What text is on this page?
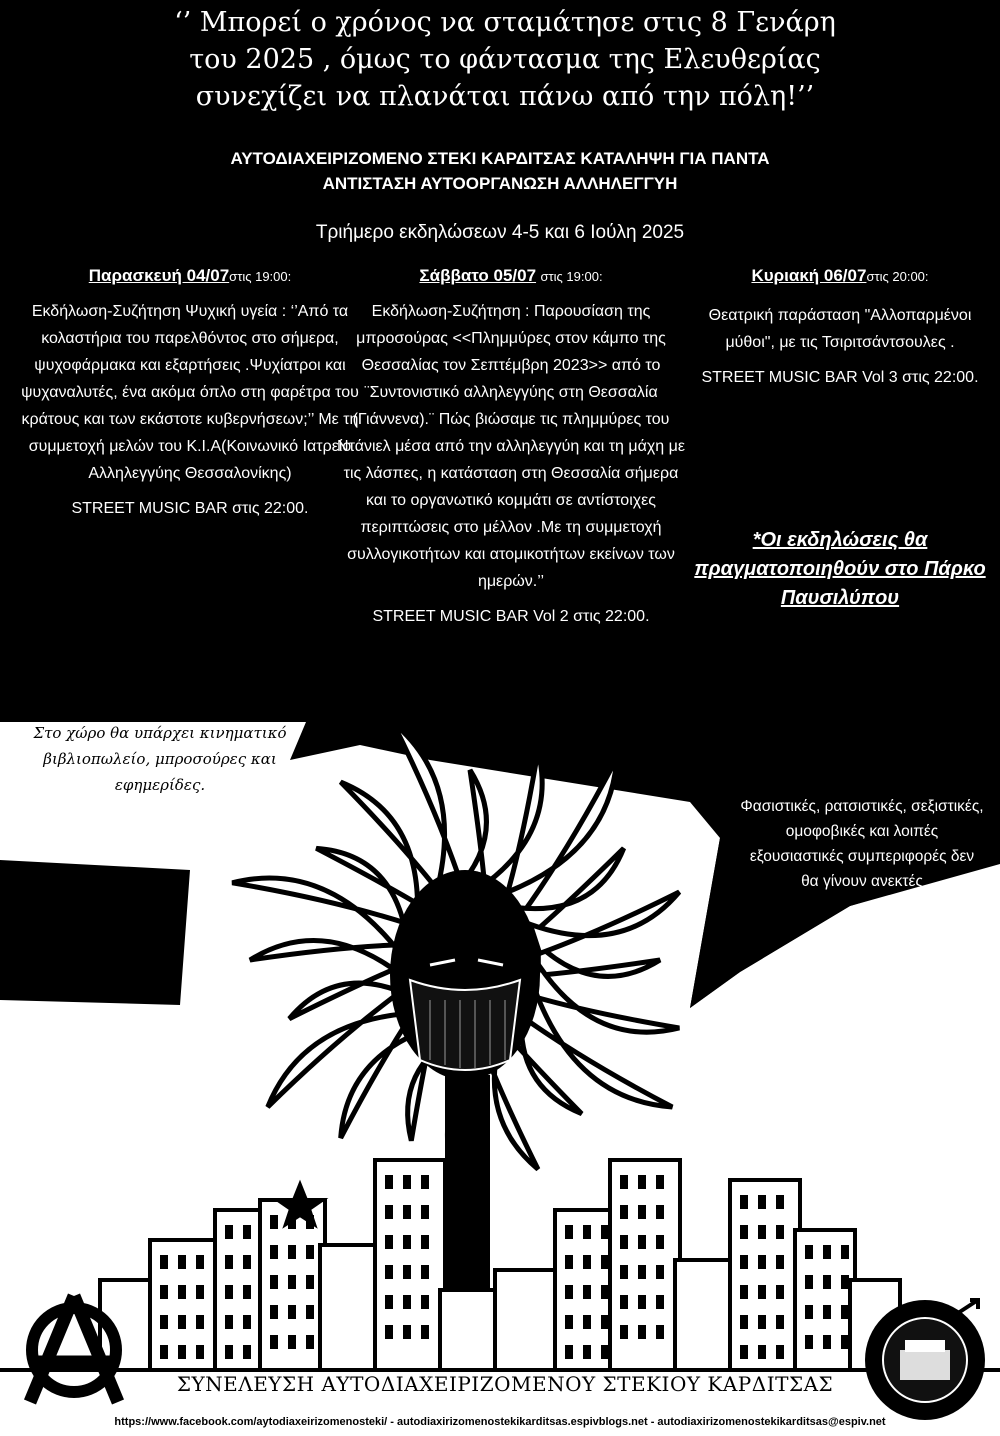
‘’ Μπορεί ο χρόνος να σταμάτησε στις 8 Γενάρη
του 2025 , όμως το φάντασμα της Ελευθερίας
συνεχίζει να πλανάται πάνω από την πόλη!’’
ΑΥΤΟΔΙΑΧΕΙΡΙΖΟΜΕΝΟ ΣΤΕΚΙ ΚΑΡΔΙΤΣΑΣ ΚΑΤΑΛΗΨΗ ΓΙΑ ΠΑΝΤΑ
ΑΝΤΙΣΤΑΣΗ ΑΥΤΟΟΡΓΑΝΩΣΗ ΑΛΛΗΛΕΓΓΥΗ
Τριήμερο εκδηλώσεων 4-5 και 6 Ιούλη 2025
Παρασκευή 04/07στις 19:00:

Εκδήλωση-Συζήτηση Ψυχική υγεία : ‘’Από τα κολαστήρια του παρελθόντος στο σήμερα, ψυχοφάρμακα και εξαρτήσεις .Ψυχίατροι και ψυχαναλυτές, ένα ακόμα όπλο στη φαρέτρα του κράτους και των εκάστοτε κυβερνήσεων;’’ Με τη συμμετοχή μελών του Κ.Ι.Α(Κοινωνικό Ιατρείο Αλληλεγγύης Θεσσαλονίκης)

STREET MUSIC BAR στις 22:00.

Σάββατο 05/07 στις 19:00:

Εκδήλωση-Συζήτηση : Παρουσίαση της μπροσούρας <<Πλημμύρες στον κάμπο της Θεσσαλίας τον Σεπτέμβρη 2023>> από το ¨Συντονιστικό αλληλεγγύης στη Θεσσαλία (Γιάννενα).¨ Πώς βιώσαμε τις πλημμύρες του Ντάνιελ μέσα από την αλληλεγγύη και τη μάχη με τις λάσπες, η κατάσταση στη Θεσσαλία σήμερα και το οργανωτικό κομμάτι σε αντίστοιχες περιπτώσεις στο μέλλον .Με τη συμμετοχή συλλογικοτήτων και ατομικοτήτων εκείνων των ημερών.’’

STREET MUSIC BAR Vol 2 στις 22:00.

Κυριακή 06/07στις 20:00:

Θεατρική παράσταση "Αλλοπαρμένοι μύθοι", με τις Τσιριτσάντσουλες .

STREET MUSIC BAR Vol 3 στις 22:00.

*Οι εκδηλώσεις θα πραγματοποιηθούν στο Πάρκο Παυσιλύπου
Στο χώρο θα υπάρχει κινηματικό βιβλιοπωλείο, μπροσούρες και εφημερίδες.
ΑΛΛΗΛΕΓΓΥΗ
ΣΤΙΣ
ΚΑΤΑΛΗΨΕΙΣ
Φασιστικές, ρατσιστικές, σεξιστικές, ομοφοβικές και λοιπές εξουσιαστικές συμπεριφορές δεν θα γίνουν ανεκτές
ΣΥΝΕΛΕΥΣΗ ΑΥΤΟΔΙΑΧΕΙΡΙΖΟΜΕΝΟΥ ΣΤΕΚΙΟΥ ΚΑΡΔΙΤΣΑΣ
https://www.facebook.com/aytodiaxeirizomenosteki/ - autodiaxirizomenostekikarditsas.espivblogs.net - autodiaxirizomenostekikarditsas@espiv.net
